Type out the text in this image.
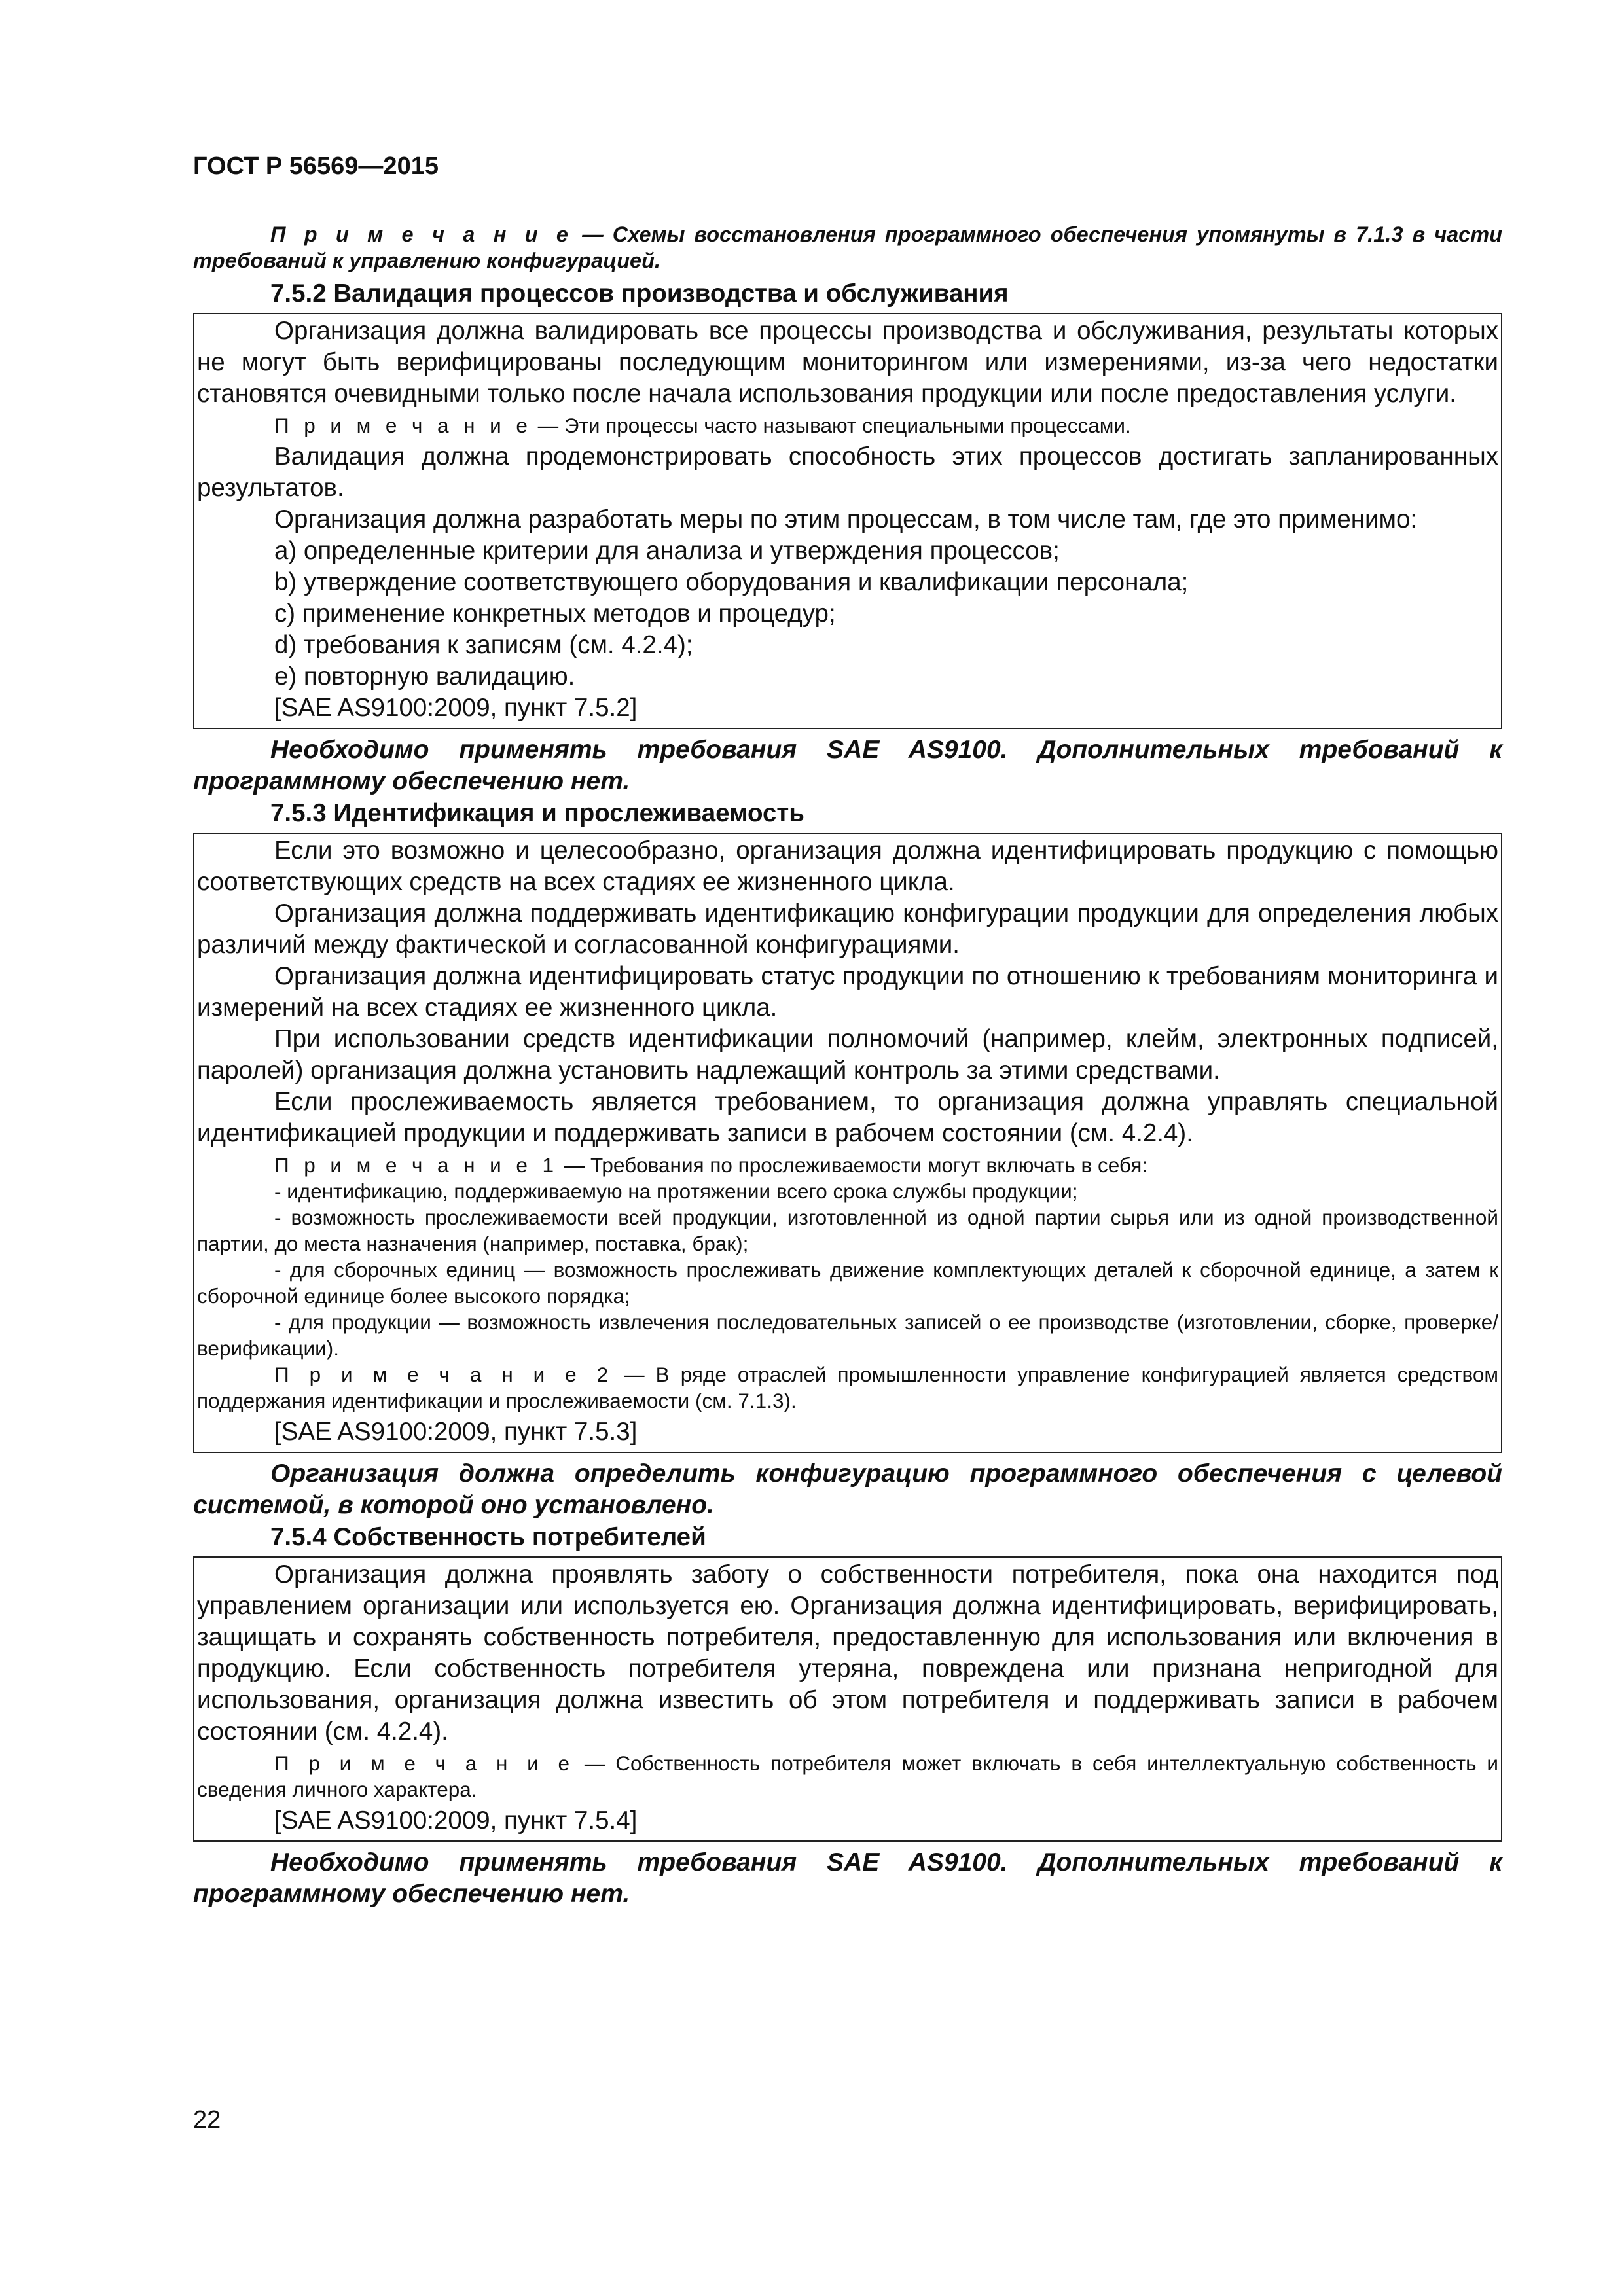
ГОСТ Р 56569—2015

П р и м е ч а н и е — Схемы восстановления программного обеспечения упомянуты в 7.1.3 в части требований к управлению конфигурацией.

7.5.2 Валидация процессов производства и обслуживания

Организация должна валидировать все процессы производства и обслуживания, результаты которых не могут быть верифицированы последующим мониторингом или измерениями, из-за чего недостатки становятся очевидными только после начала использования продукции или после предоставления услуги.

П р и м е ч а н и е — Эти процессы часто называют специальными процессами.

Валидация должна продемонстрировать способность этих процессов достигать запланированных результатов.

Организация должна разработать меры по этим процессам, в том числе там, где это применимо:

a) определенные критерии для анализа и утверждения процессов;
b) утверждение соответствующего оборудования и квалификации персонала;
c) применение конкретных методов и процедур;
d) требования к записям (см. 4.2.4);
e) повторную валидацию.
[SAE AS9100:2009, пункт 7.5.2]

Необходимо применять требования SAE AS9100. Дополнительных требований к программному обеспечению нет.

7.5.3 Идентификация и прослеживаемость

Если это возможно и целесообразно, организация должна идентифицировать продукцию с помощью соответствующих средств на всех стадиях ее жизненного цикла.

Организация должна поддерживать идентификацию конфигурации продукции для определения любых различий между фактической и согласованной конфигурациями.

Организация должна идентифицировать статус продукции по отношению к требованиям мониторинга и измерений на всех стадиях ее жизненного цикла.

При использовании средств идентификации полномочий (например, клейм, электронных подписей, паролей) организация должна установить надлежащий контроль за этими средствами.

Если прослеживаемость является требованием, то организация должна управлять специальной идентификацией продукции и поддерживать записи в рабочем состоянии (см. 4.2.4).

П р и м е ч а н и е 1 — Требования по прослеживаемости могут включать в себя:

- идентификацию, поддерживаемую на протяжении всего срока службы продукции;

- возможность прослеживаемости всей продукции, изготовленной из одной партии сырья или из одной производственной партии, до места назначения (например, поставка, брак);

- для сборочных единиц — возможность прослеживать движение комплектующих деталей к сборочной единице, а затем к сборочной единице более высокого порядка;

- для продукции — возможность извлечения последовательных записей о ее производстве (изготовлении, сборке, проверке/верификации).

П р и м е ч а н и е 2 — В ряде отраслей промышленности управление конфигурацией является средством поддержания идентификации и прослеживаемости (см. 7.1.3).

[SAE AS9100:2009, пункт 7.5.3]

Организация должна определить конфигурацию программного обеспечения с целевой системой, в которой оно установлено.

7.5.4 Собственность потребителей

Организация должна проявлять заботу о собственности потребителя, пока она находится под управлением организации или используется ею. Организация должна идентифицировать, верифицировать, защищать и сохранять собственность потребителя, предоставленную для использования или включения в продукцию. Если собственность потребителя утеряна, повреждена или признана непригодной для использования, организация должна известить об этом потребителя и поддерживать записи в рабочем состоянии (см. 4.2.4).

П р и м е ч а н и е — Собственность потребителя может включать в себя интеллектуальную собственность и сведения личного характера.

[SAE AS9100:2009, пункт 7.5.4]

Необходимо применять требования SAE AS9100. Дополнительных требований к программному обеспечению нет.

22
